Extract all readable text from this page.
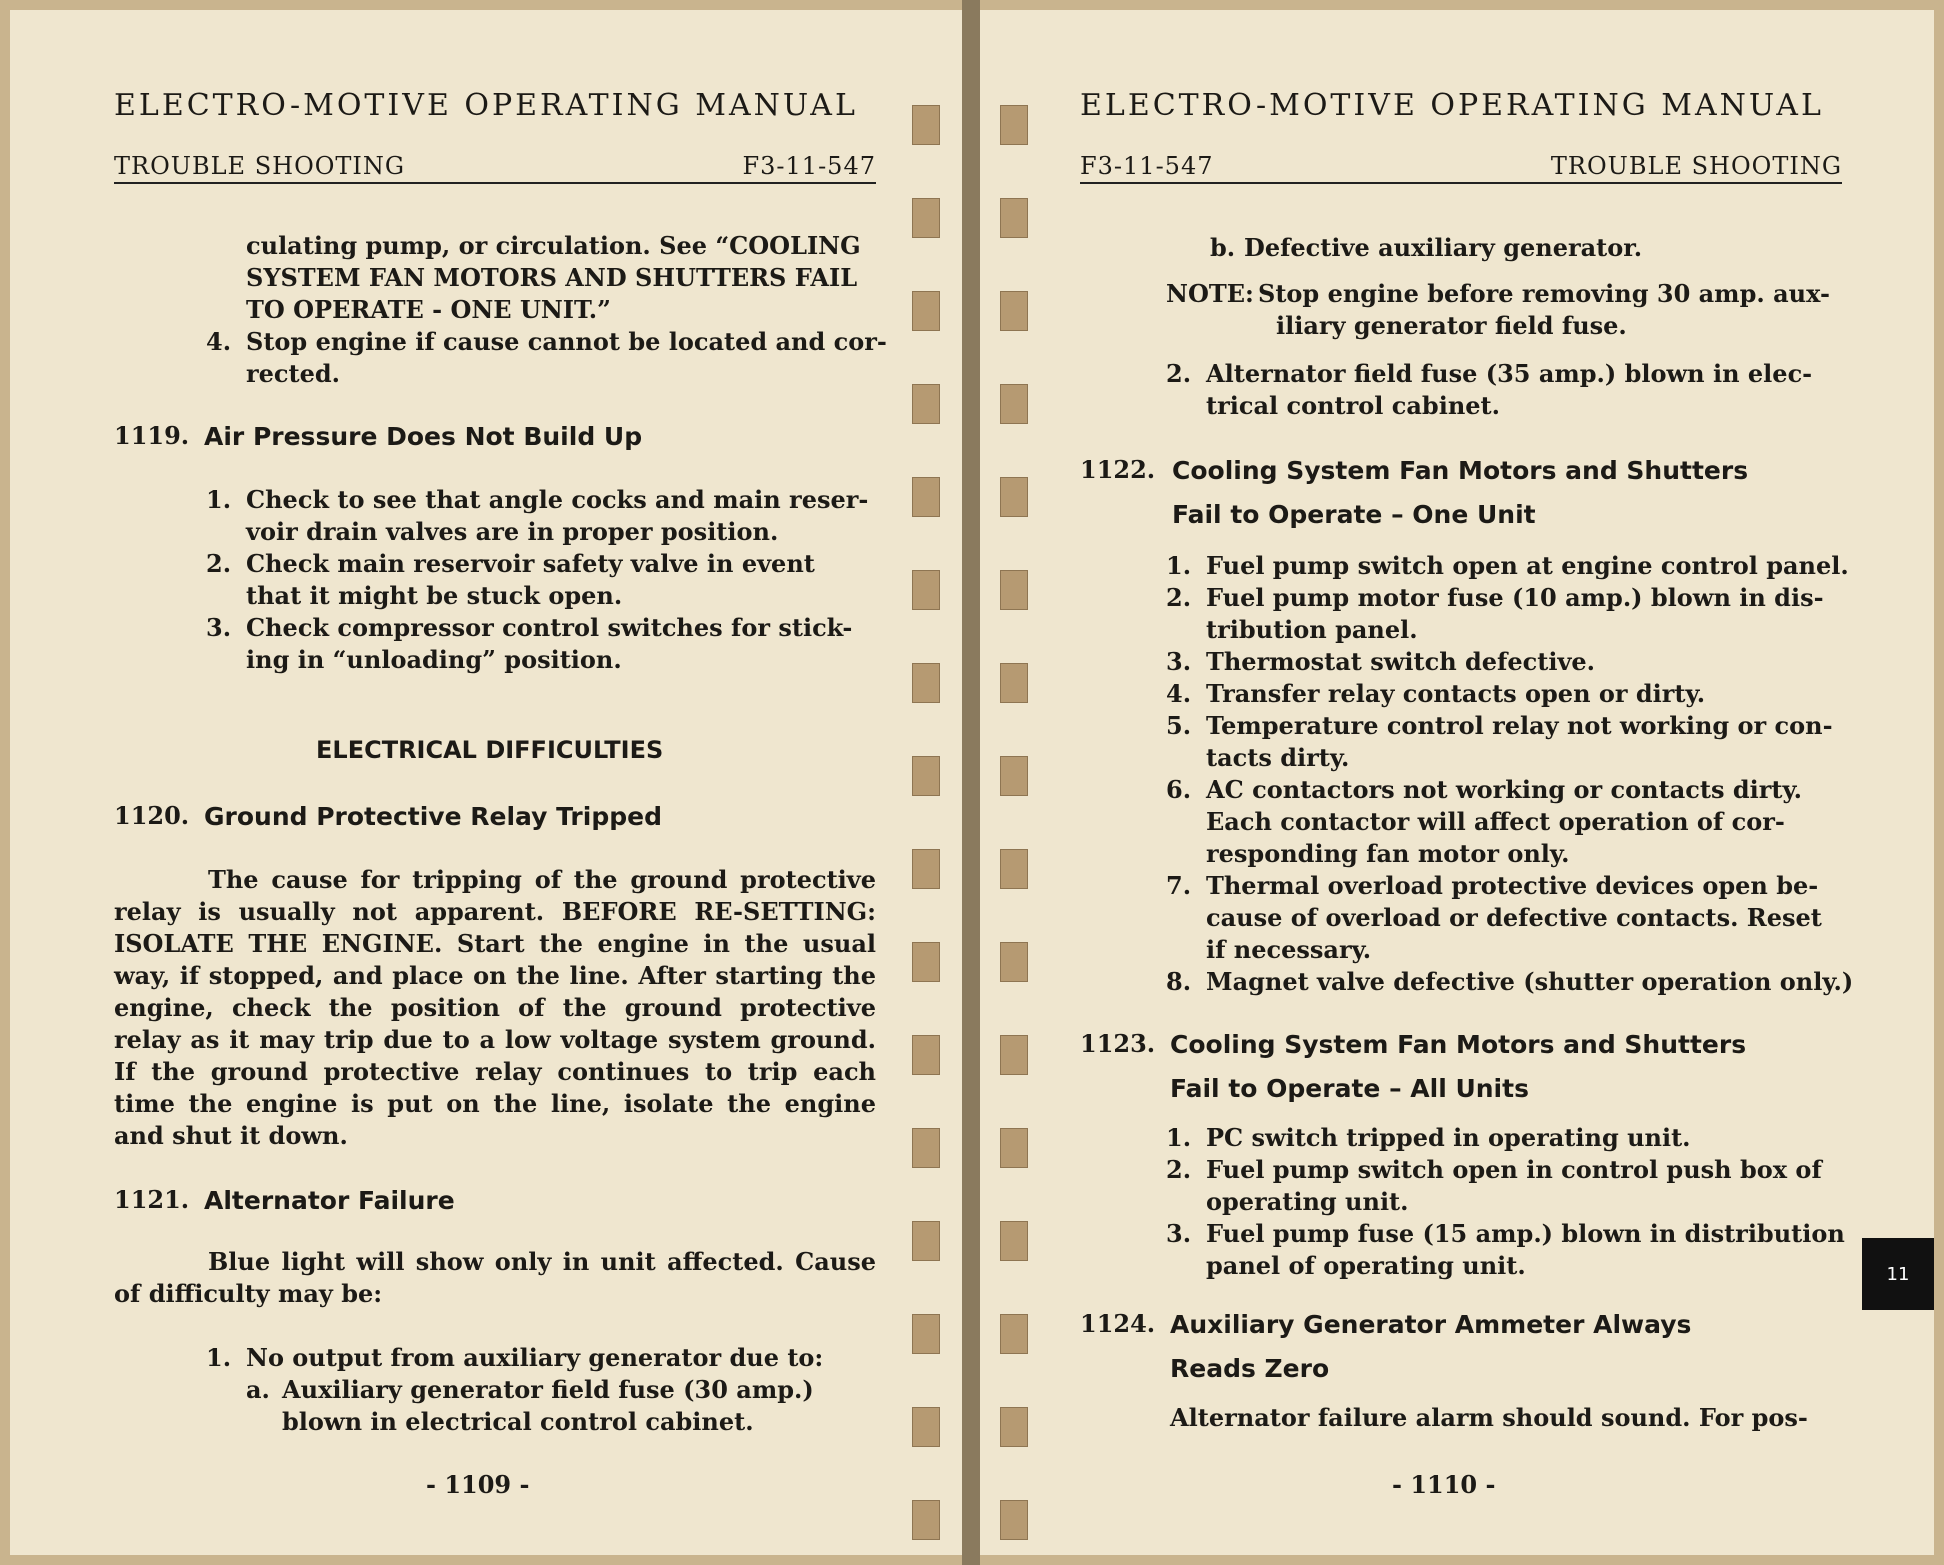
ELECTRO-MOTIVE OPERATING MANUAL
TROUBLE SHOOTING	F3-11-547
culating pump, or circulation. See “COOLING
SYSTEM FAN MOTORS AND SHUTTERS FAIL
TO OPERATE - ONE UNIT.”
4. Stop engine if cause cannot be located and cor-
rected.
1119. Air Pressure Does Not Build Up
1. Check to see that angle cocks and main reser-
voir drain valves are in proper position.
2. Check main reservoir safety valve in event
that it might be stuck open.
3. Check compressor control switches for stick-
ing in “unloading” position.
ELECTRICAL DIFFICULTIES
1120. Ground Protective Relay Tripped
The cause for tripping of the ground protective relay is usually not apparent. BEFORE RE-SETTING: ISOLATE THE ENGINE. Start the engine in the usual way, if stopped, and place on the line. After starting the engine, check the position of the ground protective relay as it may trip due to a low voltage system ground. If the ground protective relay continues to trip each time the engine is put on the line, isolate the engine and shut it down.
1121. Alternator Failure
Blue light will show only in unit affected. Cause of difficulty may be:
1. No output from auxiliary generator due to:
a. Auxiliary generator field fuse (30 amp.)
blown in electrical control cabinet.
- 1109 -
ELECTRO-MOTIVE OPERATING MANUAL
F3-11-547	TROUBLE SHOOTING
b. Defective auxiliary generator.
NOTE: Stop engine before removing 30 amp. aux-
iliary generator field fuse.
2. Alternator field fuse (35 amp.) blown in elec-
trical control cabinet.
1122. Cooling System Fan Motors and Shutters
Fail to Operate – One Unit
1. Fuel pump switch open at engine control panel.
2. Fuel pump motor fuse (10 amp.) blown in dis-
tribution panel.
3. Thermostat switch defective.
4. Transfer relay contacts open or dirty.
5. Temperature control relay not working or con-
tacts dirty.
6. AC contactors not working or contacts dirty.
Each contactor will affect operation of cor-
responding fan motor only.
7. Thermal overload protective devices open be-
cause of overload or defective contacts. Reset
if necessary.
8. Magnet valve defective (shutter operation only.)
1123. Cooling System Fan Motors and Shutters
Fail to Operate – All Units
1. PC switch tripped in operating unit.
2. Fuel pump switch open in control push box of
operating unit.
3. Fuel pump fuse (15 amp.) blown in distribution
panel of operating unit.
1124. Auxiliary Generator Ammeter Always
Reads Zero
Alternator failure alarm should sound. For pos-
- 1110 -
11
